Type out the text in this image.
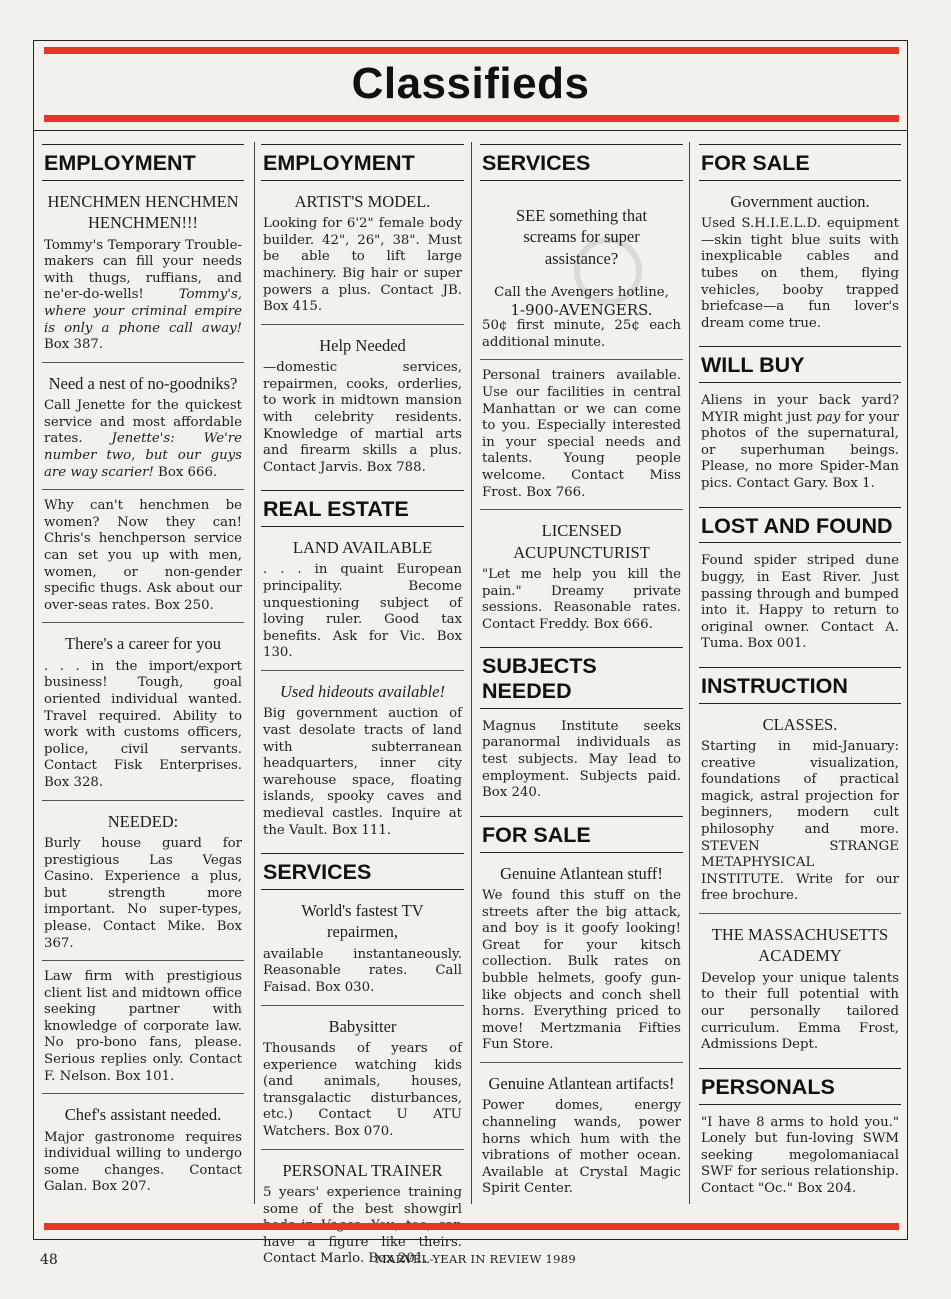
Classifieds
EMPLOYMENT
HENCHMEN HENCHMEN HENCHMEN!!!
Tommy's Temporary Trouble-makers can fill your needs with thugs, ruffians, and ne'er-do-wells!	Tommy's, where your criminal empire is only a phone call away! Box 387.
Need a nest of no-goodniks?
Call Jenette for the quickest service and most affordable rates. Jenette's: We're number two, but our guys are way scarier! Box 666.
Why can't henchmen be women? Now they can! Chris's henchperson service can set you up with men, women, or non-gender specific thugs. Ask about our over-seas rates. Box 250.
There's a career for you
. . . in the import/export business! Tough, goal oriented individual wanted. Travel required. Ability to work with customs officers, police, civil servants. Contact Fisk Enterprises. Box 328.
NEEDED:
Burly house guard for prestigious Las Vegas Casino. Experience a plus, but strength more important. No super-types, please. Contact Mike. Box 367.
Law firm with prestigious client list and midtown office seeking partner with knowledge of corporate law. No pro-bono fans, please. Serious replies only. Contact F. Nelson. Box 101.
Chef's assistant needed.
Major gastronome requires individual willing to undergo some changes. Contact Galan. Box 207.
EMPLOYMENT
ARTIST'S MODEL.
Looking for 6'2" female body builder. 42", 26", 38". Must be able to lift large machinery. Big hair or super powers a plus. Contact JB. Box 415.
Help Needed
—domestic services, repairmen, cooks, orderlies, to work in midtown mansion with celebrity residents. Knowledge of martial arts and firearm skills a plus. Contact Jarvis. Box 788.
REAL ESTATE
LAND AVAILABLE
. . . in quaint European principality. Become unquestioning subject of loving ruler. Good tax benefits. Ask for Vic. Box 130.
Used hideouts available!
Big government auction of vast desolate tracts of land with subterranean headquarters, inner city warehouse space, floating islands, spooky caves and medieval castles. Inquire at the Vault. Box 111.
SERVICES
World's fastest TV repairmen,
available instantaneously. Reasonable rates. Call Faisad. Box 030.
Babysitter
Thousands of years of experience watching kids (and animals, houses, transgalactic disturbances, etc.) Contact U ATU Watchers. Box 070.
PERSONAL TRAINER
5 years' experience training some of the best showgirl have a figure like theirs. Contact Marlo. Box 201.
SERVICES
SEE something that screams for super assistance?
Call the Avengers hotline,
1-900-AVENGERS.
50¢ first minute, 25¢ each additional minute.
Personal trainers available. Use our facilities in central Manhattan or we can come to you. Especially interested in your special needs and talents. Young people welcome. Contact Miss Frost. Box 766.
LICENSED ACUPUNCTURIST
"Let me help you kill the pain." Dreamy private sessions. Reasonable rates. Contact Freddy. Box 666.
SUBJECTS NEEDED
Magnus Institute seeks paranormal individuals as test subjects. May lead to employment. Subjects paid. Box 240.
FOR SALE
Genuine Atlantean stuff!
We found this stuff on the streets after the big attack, and boy is it goofy looking! Great for your kitsch collection. Bulk rates on bubble helmets, goofy gun-like objects and conch shell horns. Everything priced to move! Mertzmania Fifties Fun Store.
Genuine Atlantean artifacts!
Power domes, energy channeling wands, power horns which hum with the vibrations of mother ocean. Available at Crystal Magic Spirit Center.
FOR SALE
Government auction.
Used S.H.I.E.L.D. equipment —skin tight blue suits with inexplicable cables and tubes on them, flying vehicles, booby trapped briefcase—a fun lover's dream come true.
WILL BUY
Aliens in your back yard? MYIR might just pay for your photos of the supernatural, or superhuman beings. Please, no more Spider-Man pics. Contact Gary. Box 1.
LOST AND FOUND
Found spider striped dune buggy, in East River. Just passing through and bumped into it. Happy to return to original owner. Contact A. Tuma. Box 001.
INSTRUCTION
CLASSES.
Starting in mid-January: creative visualization, foundations of practical magick, astral projection for beginners, modern cult philosophy and more. STEVEN STRANGE METAPHYSICAL INSTITUTE. Write for our free brochure.
THE MASSACHUSETTS ACADEMY
Develop your unique talents to their full potential with our personally tailored curriculum. Emma Frost, Admissions Dept.
PERSONALS
"I have 8 arms to hold you." Lonely but fun-loving SWM seeking megolomaniacal SWF for serious relationship. Contact "Oc." Box 204.
48	MARVEL-YEAR IN REVIEW 1989
